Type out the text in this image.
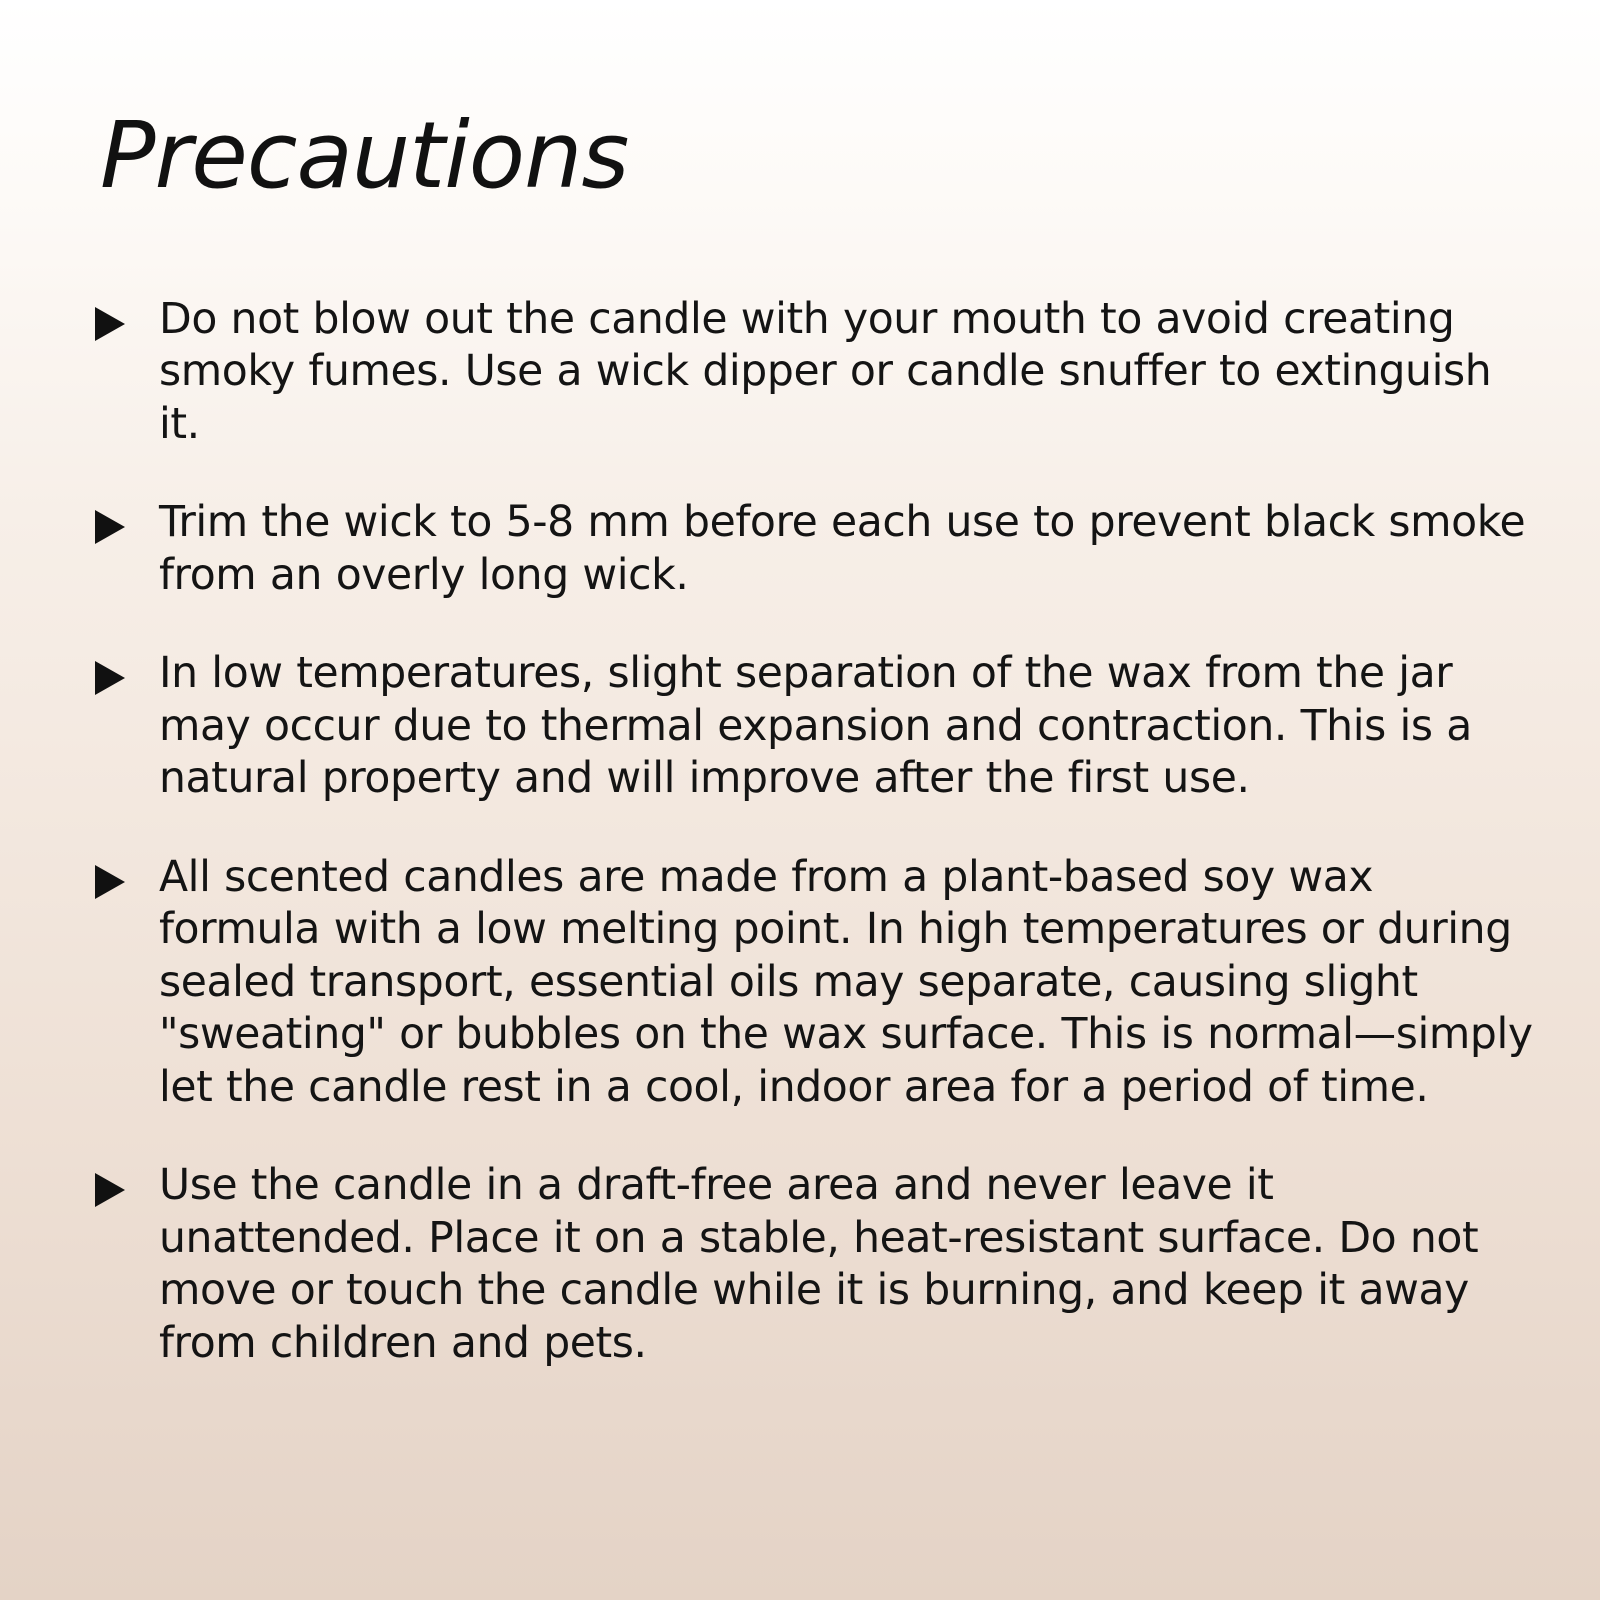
Precautions
Do not blow out the candle with your mouth to avoid creating smoky fumes. Use a wick dipper or candle snuffer to extinguish it.
Trim the wick to 5-8 mm before each use to prevent black smoke from an overly long wick.
In low temperatures, slight separation of the wax from the jar may occur due to thermal expansion and contraction. This is a natural property and will improve after the first use.
All scented candles are made from a plant-based soy wax formula with a low melting point. In high temperatures or during sealed transport, essential oils may separate, causing slight "sweating" or bubbles on the wax surface. This is normal—simply let the candle rest in a cool, indoor area for a period of time.
Use the candle in a draft-free area and never leave it unattended. Place it on a stable, heat-resistant surface. Do not move or touch the candle while it is burning, and keep it away from children and pets.
